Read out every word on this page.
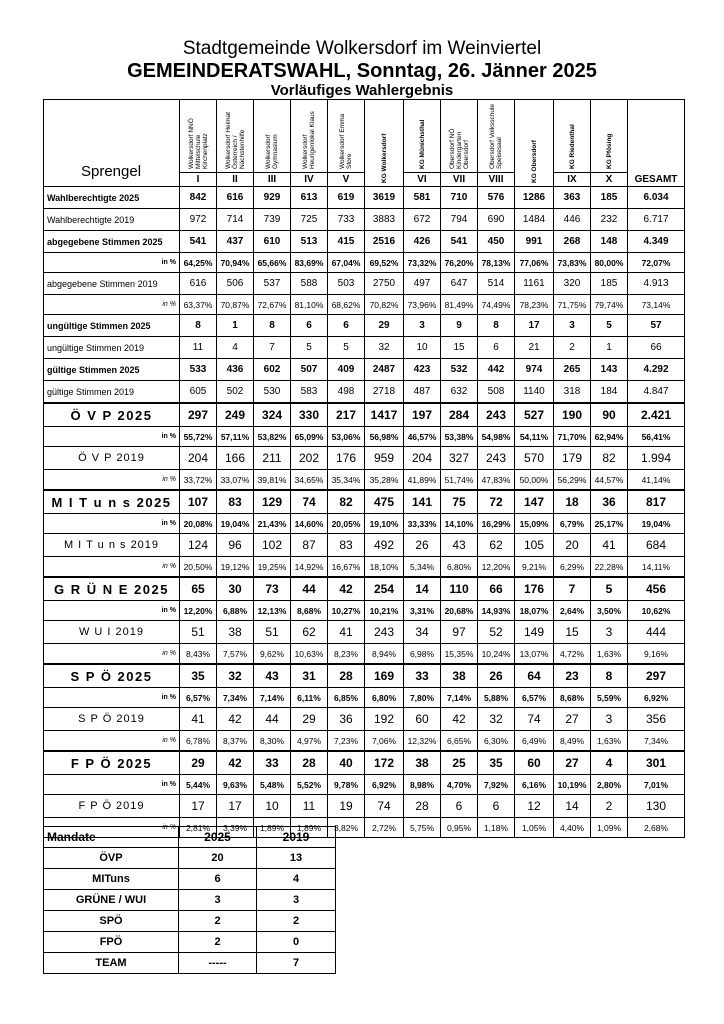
Stadtgemeinde Wolkersdorf im Weinviertel
GEMEINDERATSWAHL, Sonntag, 26. Jänner 2025
Vorläufiges Wahlergebnis
Sprengel	Wolkersdorf NNÖ Mittelschule Kirchenplatz	Wolkersdorf Heimat Österreich / Nächstenhilfe	Wolkersdorf Gymnasium	Wolkersdorf Heurigenlokal Klaus	Wolkersdorf Emma Store	KG Wolkersdorf	KG Münichsthal	Obersdorf NÖ Kindergarten Obersdorf	Obersdorf Volksschule Speisesaal	KG Obersdorf	KG Riedenthal	KG Pfösing	GESAMT
	I	II	III	IV	V		VI	VII	VIII		IX	X	
Wahlberechtigte 2025	842	616	929	613	619	3619	581	710	576	1286	363	185	6.034
Wahlberechtigte 2019	972	714	739	725	733	3883	672	794	690	1484	446	232	6.717
abgegebene Stimmen 2025	541	437	610	513	415	2516	426	541	450	991	268	148	4.349
in %	64,25%	70,94%	65,66%	83,69%	67,04%	69,52%	73,32%	76,20%	78,13%	77,06%	73,83%	80,00%	72,07%
abgegebene Stimmen 2019	616	506	537	588	503	2750	497	647	514	1161	320	185	4.913
in %	63,37%	70,87%	72,67%	81,10%	68,62%	70,82%	73,96%	81,49%	74,49%	78,23%	71,75%	79,74%	73,14%
ungültige Stimmen 2025	8	1	8	6	6	29	3	9	8	17	3	5	57
ungültige Stimmen 2019	11	4	7	5	5	32	10	15	6	21	2	1	66
gültige Stimmen 2025	533	436	602	507	409	2487	423	532	442	974	265	143	4.292
gültige Stimmen 2019	605	502	530	583	498	2718	487	632	508	1140	318	184	4.847
Ö V P 2025	297	249	324	330	217	1417	197	284	243	527	190	90	2.421
in %	55,72%	57,11%	53,82%	65,09%	53,06%	56,98%	46,57%	53,38%	54,98%	54,11%	71,70%	62,94%	56,41%
Ö V P 2019	204	166	211	202	176	959	204	327	243	570	179	82	1.994
in %	33,72%	33,07%	39,81%	34,65%	35,34%	35,28%	41,89%	51,74%	47,83%	50,00%	56,29%	44,57%	41,14%
M I T u n s 2025	107	83	129	74	82	475	141	75	72	147	18	36	817
in %	20,08%	19,04%	21,43%	14,60%	20,05%	19,10%	33,33%	14,10%	16,29%	15,09%	6,79%	25,17%	19,04%
M I T u n s 2019	124	96	102	87	83	492	26	43	62	105	20	41	684
in %	20,50%	19,12%	19,25%	14,92%	16,67%	18,10%	5,34%	6,80%	12,20%	9,21%	6,29%	22,28%	14,11%
G R Ü N E 2025	65	30	73	44	42	254	14	110	66	176	7	5	456
in %	12,20%	6,88%	12,13%	8,68%	10,27%	10,21%	3,31%	20,68%	14,93%	18,07%	2,64%	3,50%	10,62%
W U I 2019	51	38	51	62	41	243	34	97	52	149	15	3	444
in %	8,43%	7,57%	9,62%	10,63%	8,23%	8,94%	6,98%	15,35%	10,24%	13,07%	4,72%	1,63%	9,16%
S P Ö 2025	35	32	43	31	28	169	33	38	26	64	23	8	297
in %	6,57%	7,34%	7,14%	6,11%	6,85%	6,80%	7,80%	7,14%	5,88%	6,57%	8,68%	5,59%	6,92%
S P Ö 2019	41	42	44	29	36	192	60	42	32	74	27	3	356
in %	6,78%	8,37%	8,30%	4,97%	7,23%	7,06%	12,32%	6,65%	6,30%	6,49%	8,49%	1,63%	7,34%
F P Ö 2025	29	42	33	28	40	172	38	25	35	60	27	4	301
in %	5,44%	9,63%	5,48%	5,52%	9,78%	6,92%	8,98%	4,70%	7,92%	6,16%	10,19%	2,80%	7,01%
F P Ö 2019	17	17	10	11	19	74	28	6	6	12	14	2	130
in %	2,81%	3,39%	1,89%	1,89%	3,82%	2,72%	5,75%	0,95%	1,18%	1,05%	4,40%	1,09%	2,68%
Mandate	2025	2019
ÖVP	20	13
MITuns	6	4
GRÜNE / WUI	3	3
SPÖ	2	2
FPÖ	2	0
TEAM	-----	7
